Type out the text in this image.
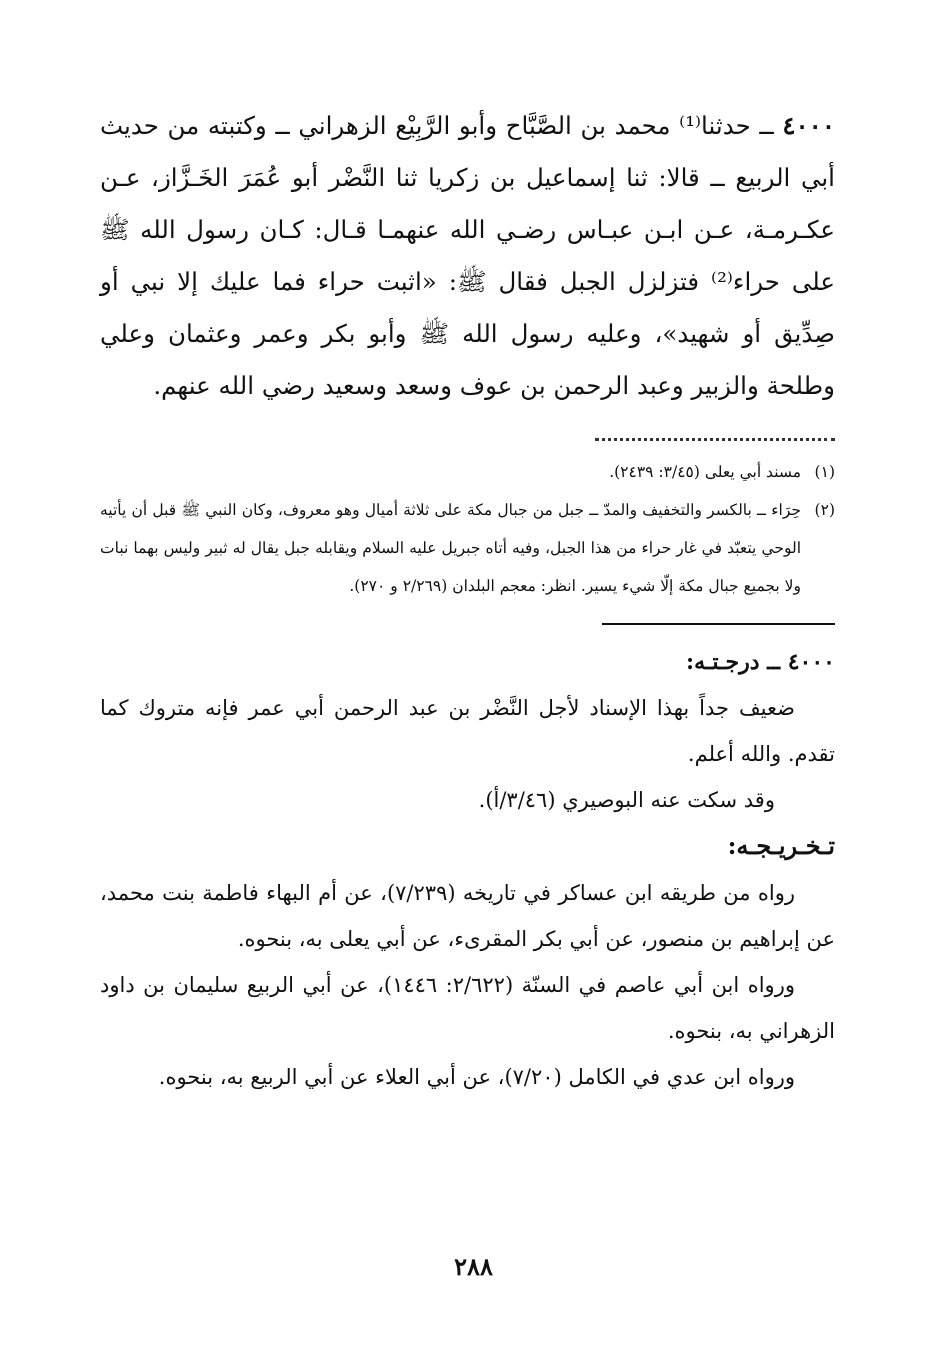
٤٠٠٠ ــ حدثنا⁽¹⁾ محمد بن الصَّبَّاح وأبو الرَّبِيْع الزهراني ــ وكتبته من حديث أبي الربيع ــ قالا: ثنا إسماعيل بن زكريا ثنا النَّضْر أبو عُمَرَ الخَـزَّاز، عـن عكـرمـة، عـن ابـن عبـاس رضـي الله عنهمـا قـال: كـان رسول الله ﷺ على حراء⁽²⁾ فتزلزل الجبل فقال ﷺ: «اثبت حراء فما عليك إلا نبي أو صِدِّيق أو شهيد»، وعليه رسول الله ﷺ وأبو بكر وعمر وعثمان وعلي وطلحة والزبير وعبد الرحمن بن عوف وسعد وسعيد رضي الله عنهم.

(١)
مسند أبي يعلى (٣/٤٥: ٢٤٣٩).
(٢)
حِرَاء ــ بالكسر والتخفيف والمدّ ــ جبل من جبال مكة على ثلاثة أميال وهو معروف، وكان النبي ﷺ قبل أن يأتيه الوحي يتعبّد في غار حراء من هذا الجبل، وفيه أتاه جبريل عليه السلام ويقابله جبل يقال له ثبير وليس بهما نبات ولا بجميع جبال مكة إلّا شيء يسير. انظر: معجم البلدان (٢/٢٦٩ و ٢٧٠).
٤٠٠٠ ــ درجـتـه:

ضعيف جداً بهذا الإسناد لأجل النَّضْر بن عبد الرحمن أبي عمر فإنه متروك كما تقدم. والله أعلم.

وقد سكت عنه البوصيري (٣/٤٦/أ).

تـخـريـجـه:

رواه من طريقه ابن عساكر في تاريخه (٧/٢٣٩)، عن أم البهاء فاطمة بنت محمد، عن إبراهيم بن منصور، عن أبي بكر المقرىء، عن أبي يعلى به، بنحوه.

ورواه ابن أبي عاصم في السنّة (٢/٦٢٢: ١٤٤٦)، عن أبي الربيع سليمان بن داود الزهراني به، بنحوه.

ورواه ابن عدي في الكامل (٧/٢٠)، عن أبي العلاء عن أبي الربيع به، بنحوه.

٢٨٨
